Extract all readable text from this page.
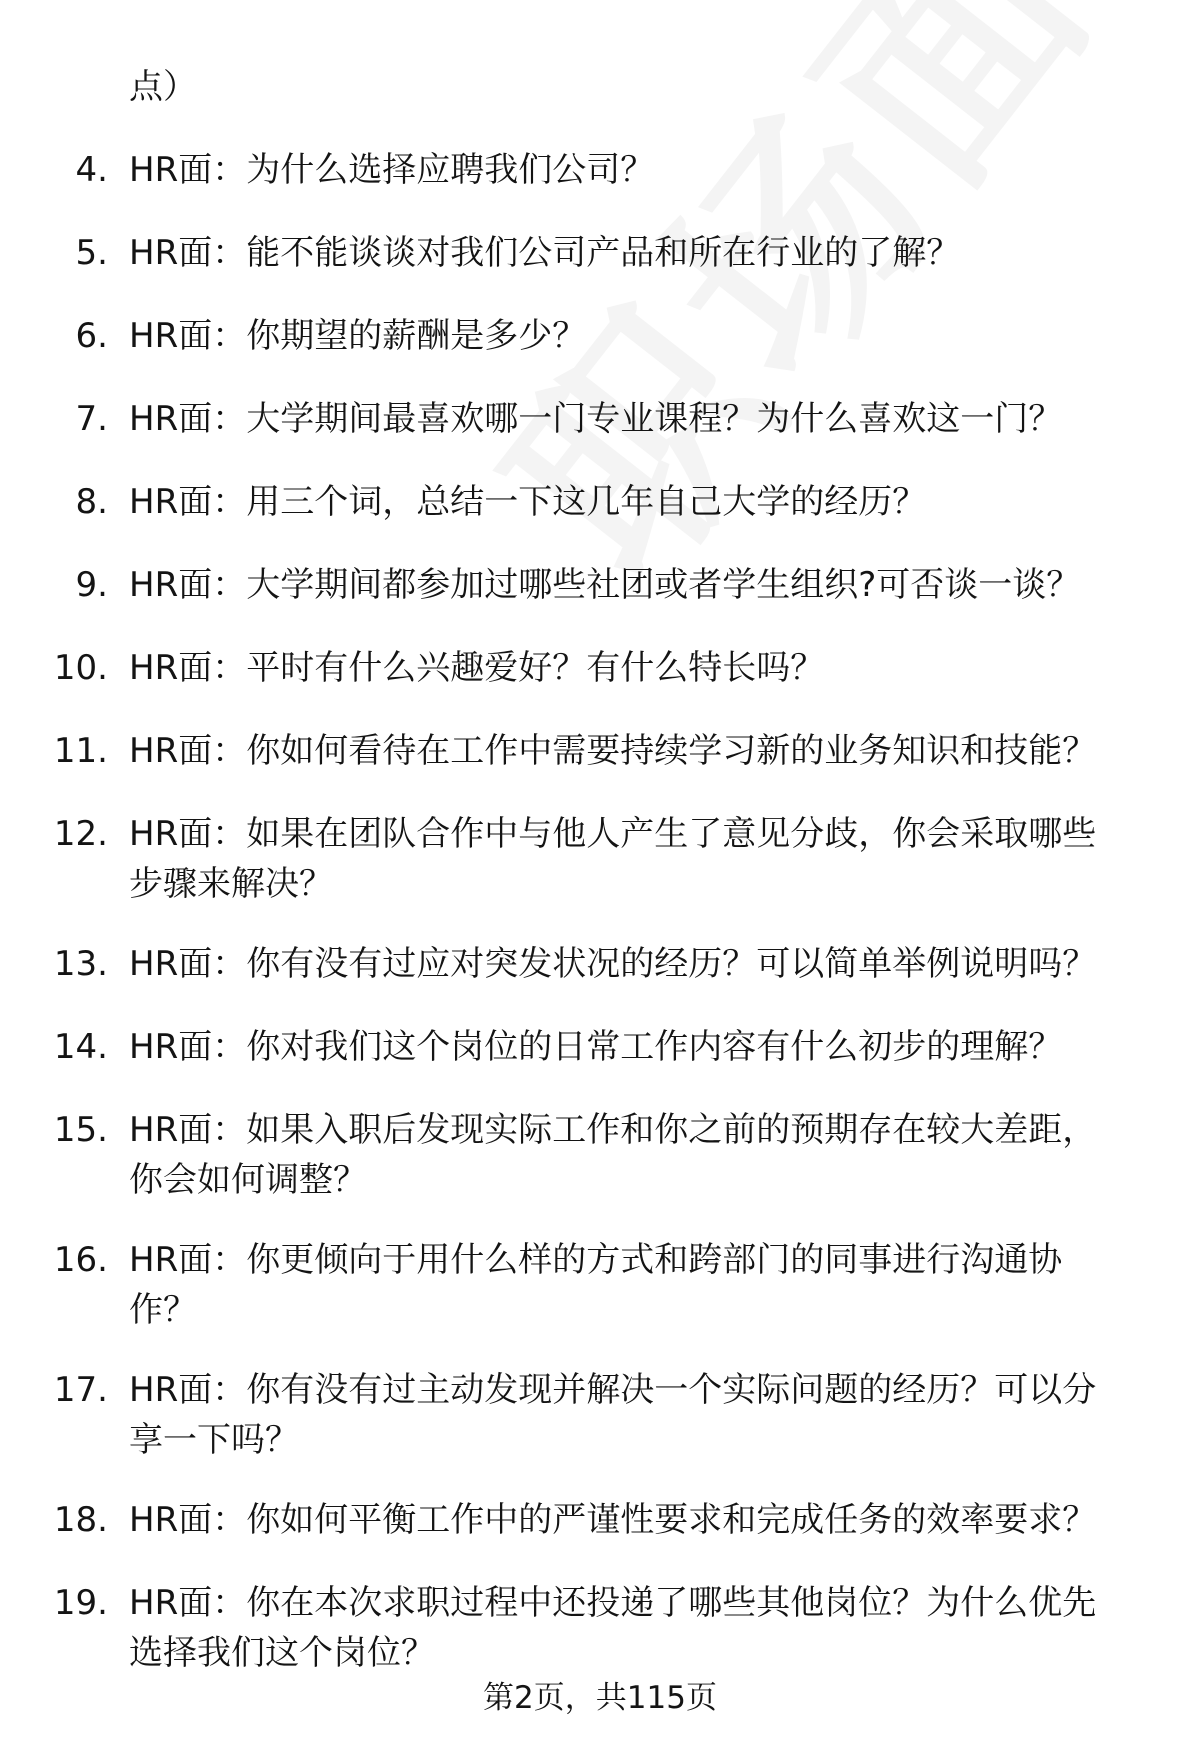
点）
4. HR面：为什么选择应聘我们公司？
5. HR面：能不能谈谈对我们公司产品和所在行业的了解？
6. HR面：你期望的薪酬是多少？
7. HR面：大学期间最喜欢哪一门专业课程？为什么喜欢这一门？
8. HR面：用三个词，总结一下这几年自己大学的经历？
9. HR面：大学期间都参加过哪些社团或者学生组织?可否谈一谈？
10. HR面：平时有什么兴趣爱好？有什么特长吗？
11. HR面：你如何看待在工作中需要持续学习新的业务知识和技能？
12. HR面：如果在团队合作中与他人产生了意见分歧，你会采取哪些
步骤来解决？
13. HR面：你有没有过应对突发状况的经历？可以简单举例说明吗？
14. HR面：你对我们这个岗位的日常工作内容有什么初步的理解？
15. HR面：如果入职后发现实际工作和你之前的预期存在较大差距，
你会如何调整？
16. HR面：你更倾向于用什么样的方式和跨部门的同事进行沟通协
作？
17. HR面：你有没有过主动发现并解决一个实际问题的经历？可以分
享一下吗？
18. HR面：你如何平衡工作中的严谨性要求和完成任务的效率要求？
19. HR面：你在本次求职过程中还投递了哪些其他岗位？为什么优先
选择我们这个岗位？
第2页，共115页
